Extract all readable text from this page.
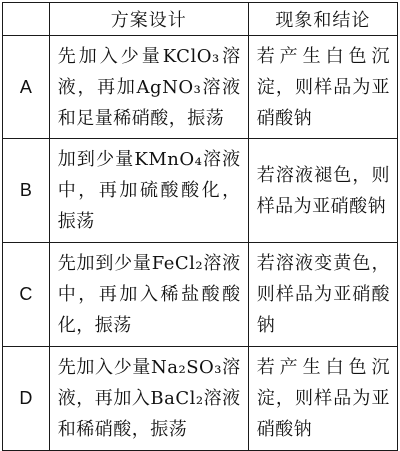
	方案设计	现象和结论
A	先加入少量KClO₃溶液，再加AgNO₃溶液和足量稀硝酸，振荡	若产生白色沉淀，则样品为亚硝酸钠
B	加到少量KMnO₄溶液中，再加硫酸酸化，振荡	若溶液褪色，则样品为亚硝酸钠
C	先加到少量FeCl₂溶液中，再加入稀盐酸酸化，振荡	若溶液变黄色，则样品为亚硝酸钠
D	先加入少量Na₂SO₃溶液，再加入BaCl₂溶液和稀硝酸，振荡	若产生白色沉淀，则样品为亚硝酸钠
